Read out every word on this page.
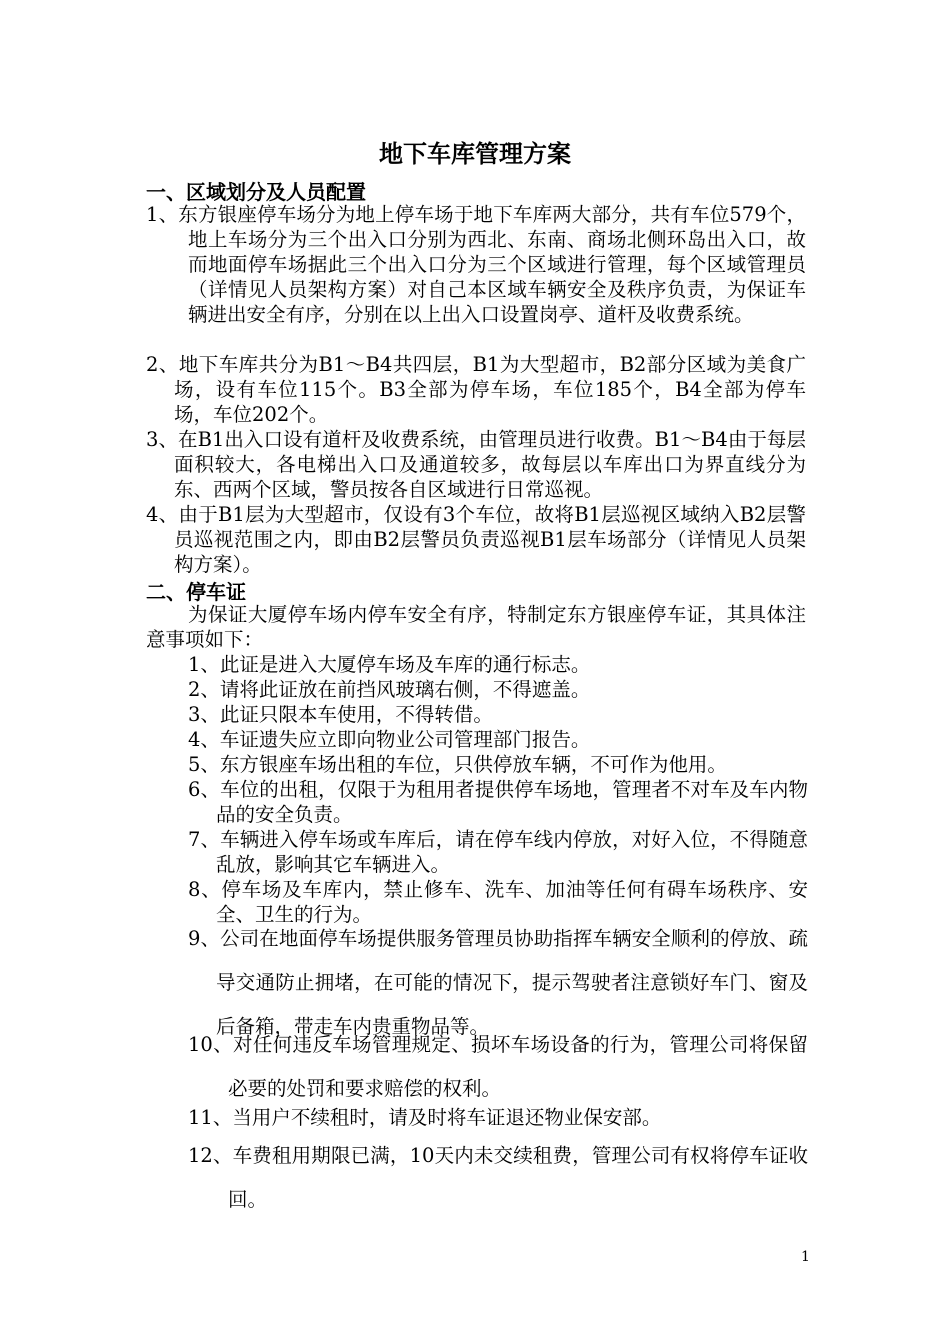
地下车库管理方案
一、区域划分及人员配置
1、东方银座停车场分为地上停车场于地下车库两大部分，共有车位579个，地上车场分为三个出入口分别为西北、东南、商场北侧环岛出入口，故而地面停车场据此三个出入口分为三个区域进行管理，每个区域管理员（详情见人员架构方案）对自己本区域车辆安全及秩序负责，为保证车辆进出安全有序，分别在以上出入口设置岗亭、道杆及收费系统。
2、地下车库共分为B1～B4共四层，B1为大型超市，B2部分区域为美食广场，设有车位115个。B3全部为停车场，车位185个，B4全部为停车场，车位202个。
3、在B1出入口设有道杆及收费系统，由管理员进行收费。B1～B4由于每层面积较大，各电梯出入口及通道较多，故每层以车库出口为界直线分为东、西两个区域，警员按各自区域进行日常巡视。
4、由于B1层为大型超市，仅设有3个车位，故将B1层巡视区域纳入B2层警员巡视范围之内，即由B2层警员负责巡视B1层车场部分（详情见人员架构方案）。
二、停车证
为保证大厦停车场内停车安全有序，特制定东方银座停车证，其具体注意事项如下：
1、此证是进入大厦停车场及车库的通行标志。
2、请将此证放在前挡风玻璃右侧，不得遮盖。
3、此证只限本车使用，不得转借。
4、车证遗失应立即向物业公司管理部门报告。
5、东方银座车场出租的车位，只供停放车辆，不可作为他用。
6、车位的出租，仅限于为租用者提供停车场地，管理者不对车及车内物品的安全负责。
7、车辆进入停车场或车库后，请在停车线内停放，对好入位，不得随意乱放，影响其它车辆进入。
8、停车场及车库内，禁止修车、洗车、加油等任何有碍车场秩序、安全、卫生的行为。
9、公司在地面停车场提供服务管理员协助指挥车辆安全顺利的停放、疏导交通防止拥堵，在可能的情况下，提示驾驶者注意锁好车门、窗及后备箱，带走车内贵重物品等。
10、对任何违反车场管理规定、损坏车场设备的行为，管理公司将保留必要的处罚和要求赔偿的权利。
11、当用户不续租时，请及时将车证退还物业保安部。
12、车费租用期限已满，10天内未交续租费，管理公司有权将停车证收回。
1
